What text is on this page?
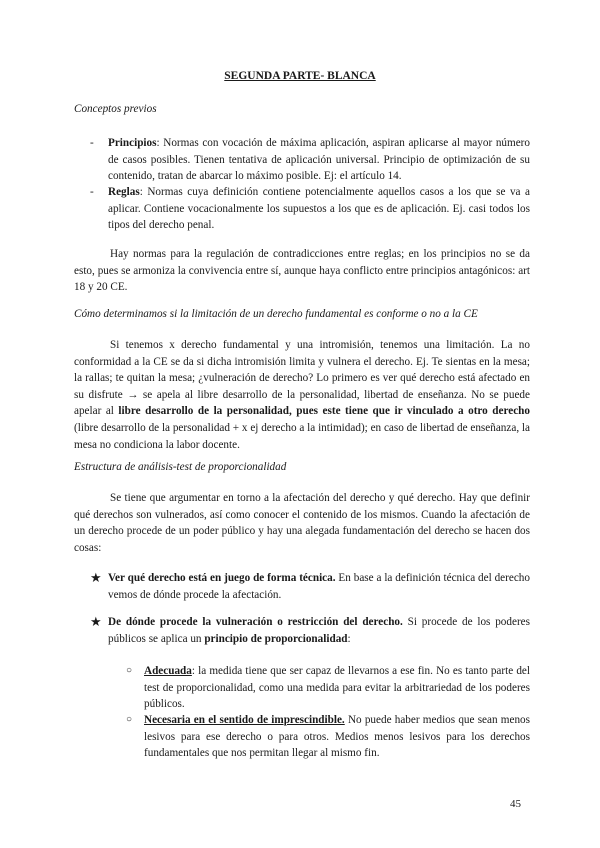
SEGUNDA PARTE- BLANCA
Conceptos previos
- Principios: Normas con vocación de máxima aplicación, aspiran aplicarse al mayor número de casos posibles. Tienen tentativa de aplicación universal. Principio de optimización de su contenido, tratan de abarcar lo máximo posible. Ej: el artículo 14.
- Reglas: Normas cuya definición contiene potencialmente aquellos casos a los que se va a aplicar. Contiene vocacionalmente los supuestos a los que es de aplicación. Ej. casi todos los tipos del derecho penal.
Hay normas para la regulación de contradicciones entre reglas; en los principios no se da esto, pues se armoniza la convivencia entre sí, aunque haya conflicto entre principios antagónicos: art 18 y 20 CE.
Cómo determinamos si la limitación de un derecho fundamental es conforme o no a la CE
Si tenemos x derecho fundamental y una intromisión, tenemos una limitación. La no conformidad a la CE se da si dicha intromisión limita y vulnera el derecho. Ej. Te sientas en la mesa; la rallas; te quitan la mesa; ¿vulneración de derecho? Lo primero es ver qué derecho está afectado en su disfrute → se apela al libre desarrollo de la personalidad, libertad de enseñanza. No se puede apelar al libre desarrollo de la personalidad, pues este tiene que ir vinculado a otro derecho (libre desarrollo de la personalidad + x ej derecho a la intimidad); en caso de libertad de enseñanza, la mesa no condiciona la labor docente.
Estructura de análisis-test de proporcionalidad
Se tiene que argumentar en torno a la afectación del derecho y qué derecho. Hay que definir qué derechos son vulnerados, así como conocer el contenido de los mismos. Cuando la afectación de un derecho procede de un poder público y hay una alegada fundamentación del derecho se hacen dos cosas:
★ Ver qué derecho está en juego de forma técnica. En base a la definición técnica del derecho vemos de dónde procede la afectación.
★ De dónde procede la vulneración o restricción del derecho. Si procede de los poderes públicos se aplica un principio de proporcionalidad:
○ Adecuada: la medida tiene que ser capaz de llevarnos a ese fin. No es tanto parte del test de proporcionalidad, como una medida para evitar la arbitrariedad de los poderes públicos.
○ Necesaria en el sentido de imprescindible. No puede haber medios que sean menos lesivos para ese derecho o para otros. Medios menos lesivos para los derechos fundamentales que nos permitan llegar al mismo fin.
45
